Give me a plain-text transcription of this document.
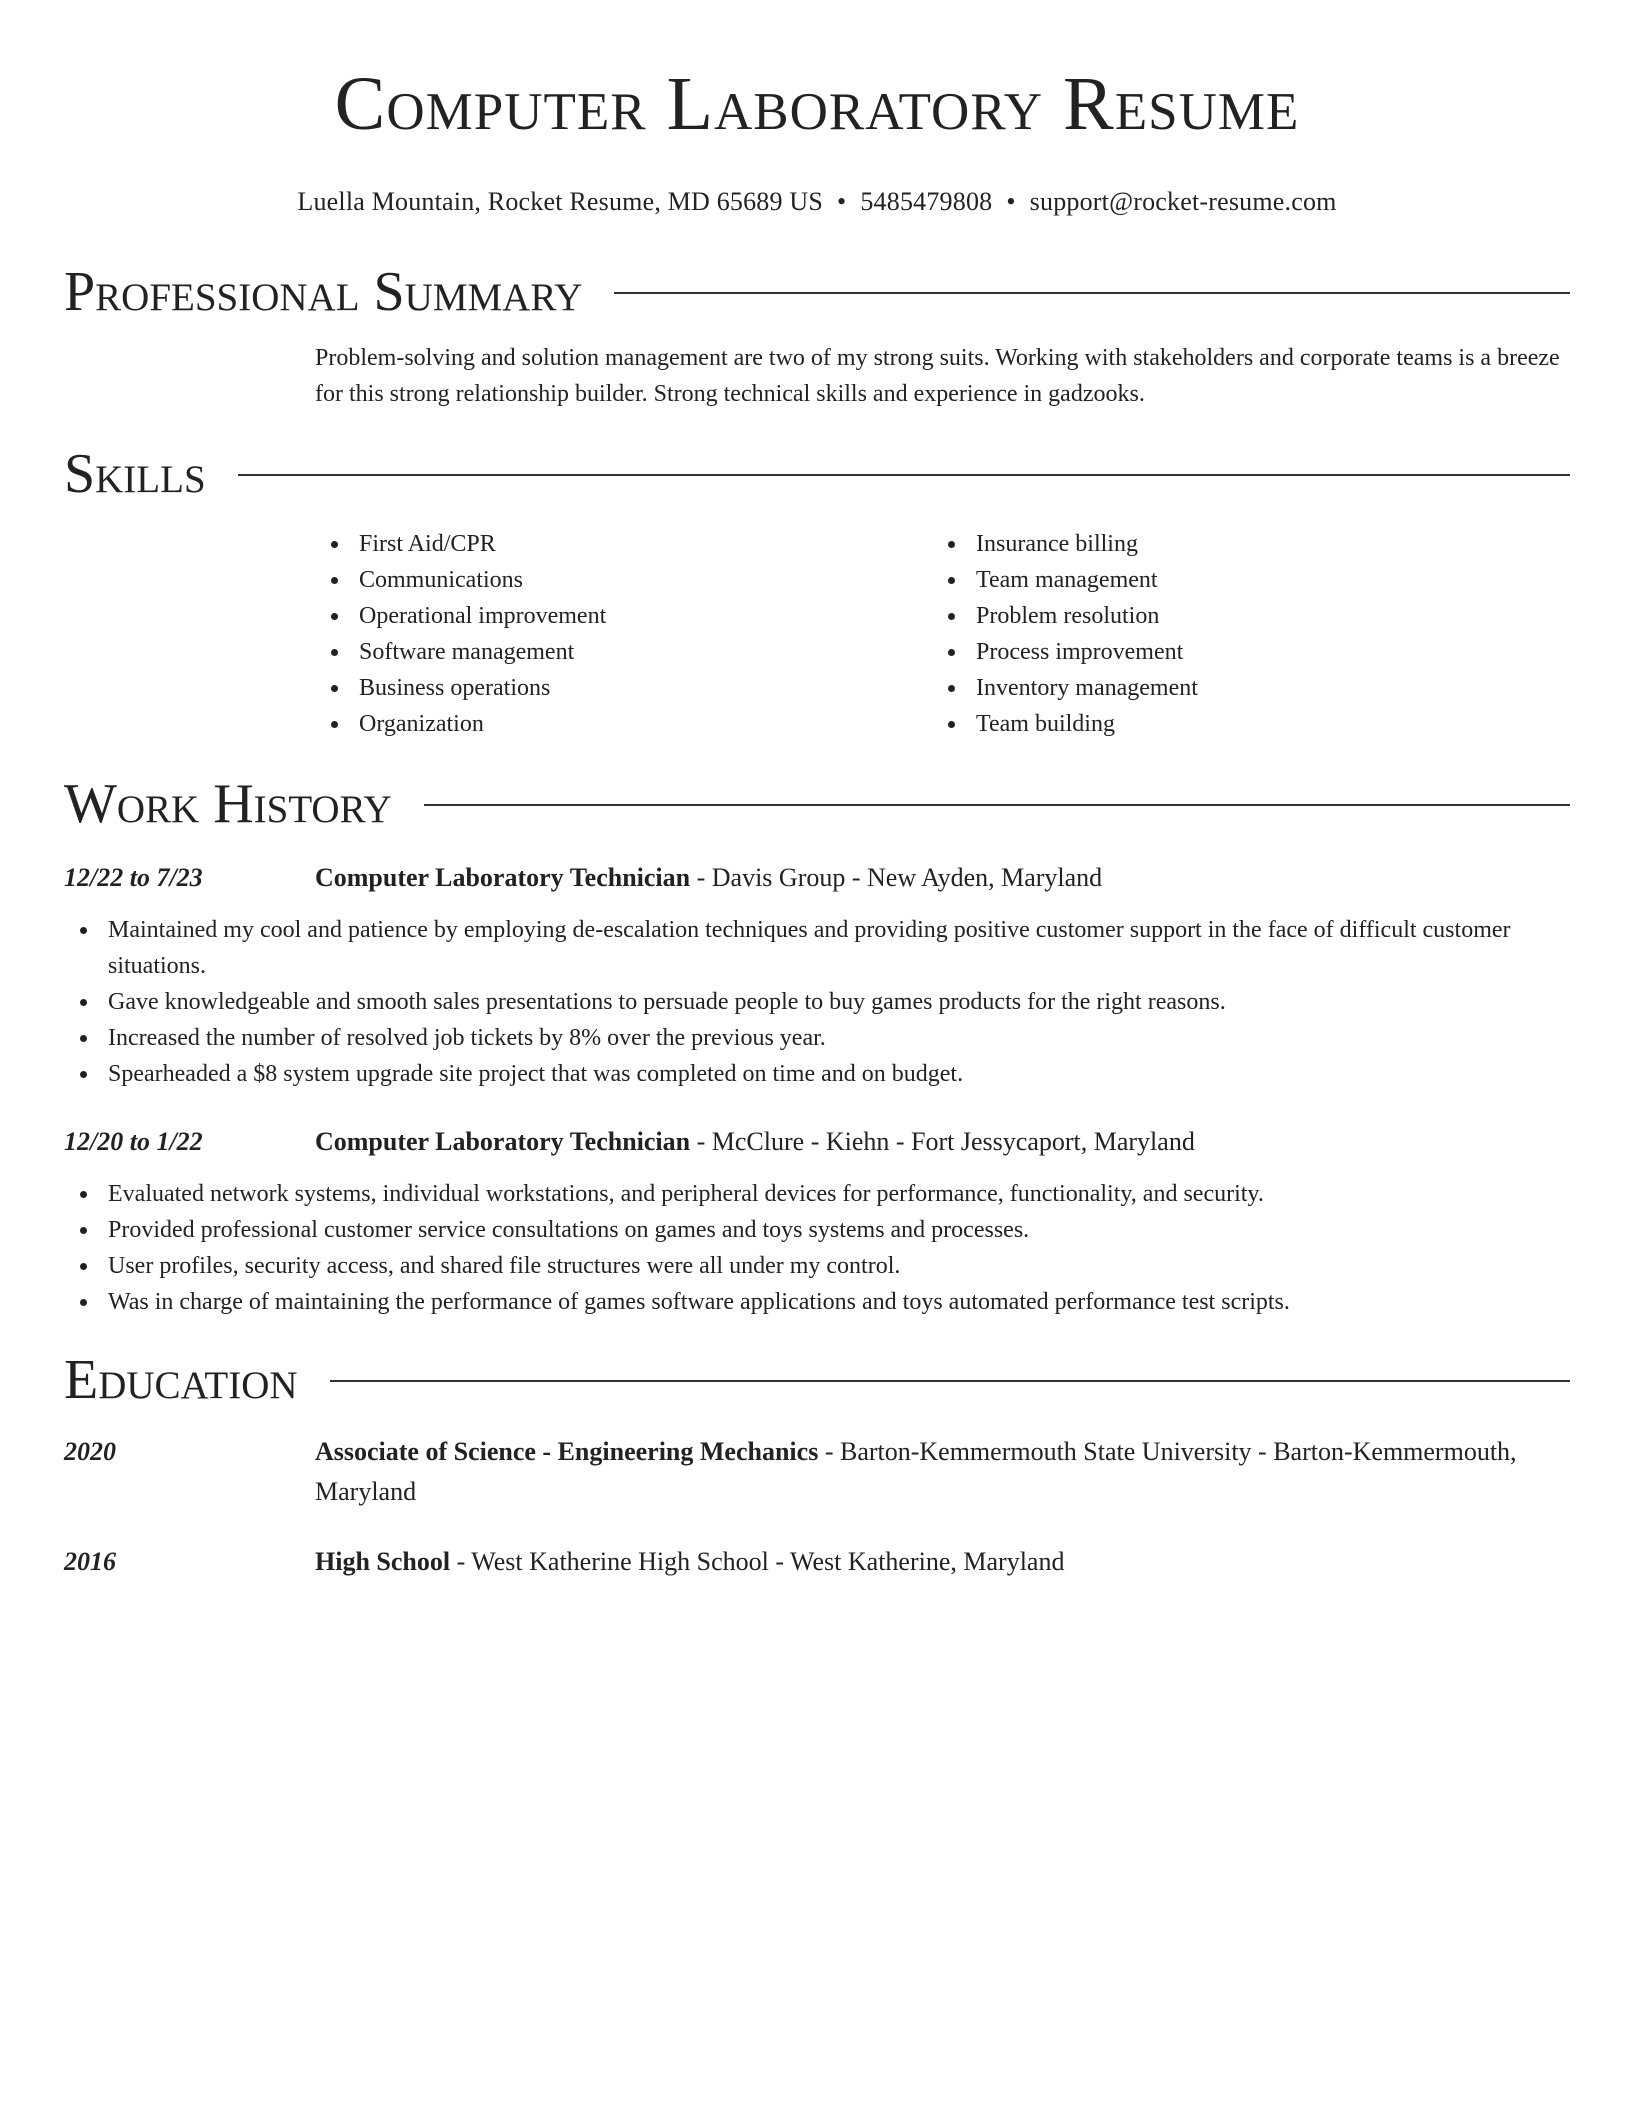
Computer Laboratory Resume
Luella Mountain, Rocket Resume, MD 65689 US • 5485479808 • support@rocket-resume.com
Professional Summary
Problem-solving and solution management are two of my strong suits. Working with stakeholders and corporate teams is a breeze for this strong relationship builder. Strong technical skills and experience in gadzooks.
Skills
First Aid/CPR
Communications
Operational improvement
Software management
Business operations
Organization
Insurance billing
Team management
Problem resolution
Process improvement
Inventory management
Team building
Work History
12/22 to 7/23	Computer Laboratory Technician - Davis Group - New Ayden, Maryland
Maintained my cool and patience by employing de-escalation techniques and providing positive customer support in the face of difficult customer situations.
Gave knowledgeable and smooth sales presentations to persuade people to buy games products for the right reasons.
Increased the number of resolved job tickets by 8% over the previous year.
Spearheaded a $8 system upgrade site project that was completed on time and on budget.
12/20 to 1/22	Computer Laboratory Technician - McClure - Kiehn - Fort Jessycaport, Maryland
Evaluated network systems, individual workstations, and peripheral devices for performance, functionality, and security.
Provided professional customer service consultations on games and toys systems and processes.
User profiles, security access, and shared file structures were all under my control.
Was in charge of maintaining the performance of games software applications and toys automated performance test scripts.
Education
2020	Associate of Science - Engineering Mechanics - Barton-Kemmermouth State University - Barton-Kemmermouth, Maryland
2016	High School - West Katherine High School - West Katherine, Maryland
